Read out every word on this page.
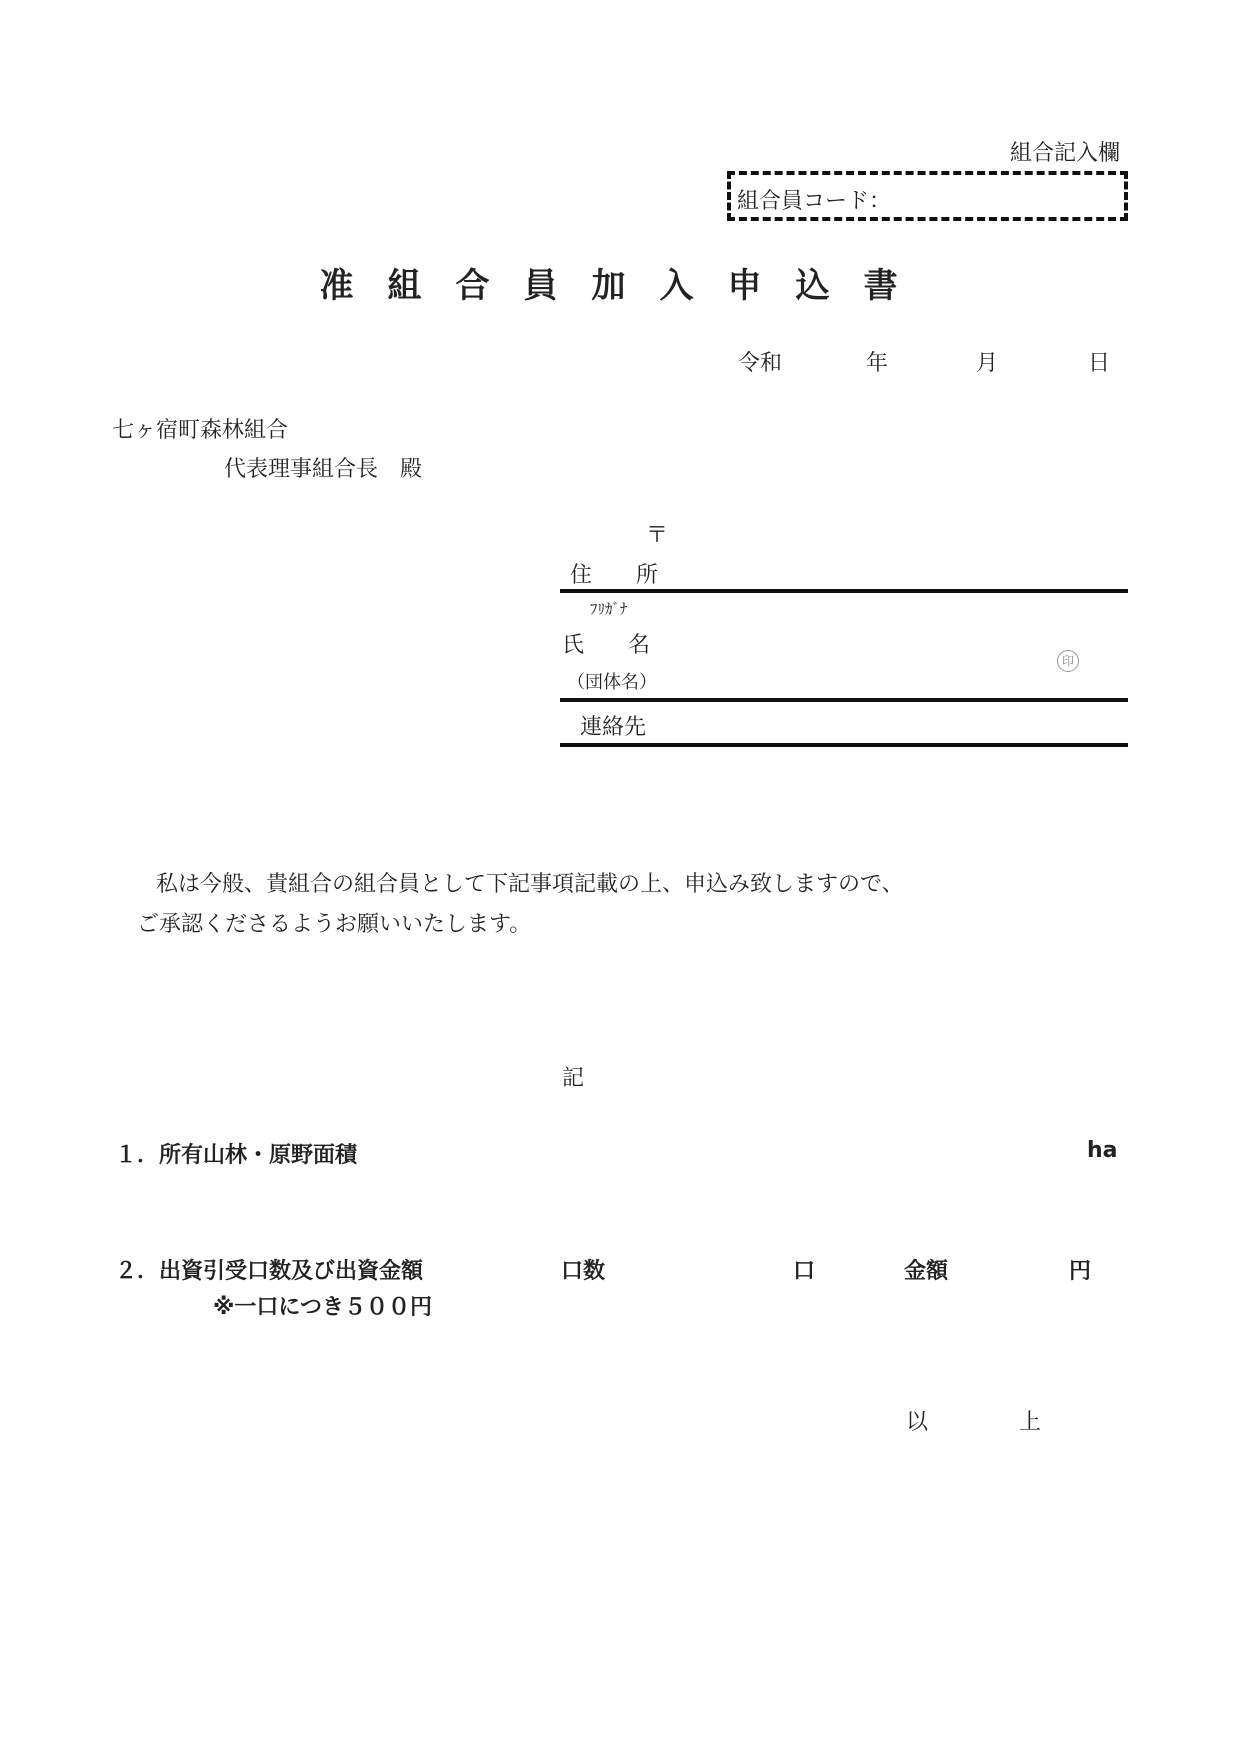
組合記入欄
組合員コード：
准組合員加入申込書
令和	年	月	日
七ヶ宿町森林組合
代表理事組合長　殿
〒
住　　所
ﾌﾘｶﾞﾅ
氏　　名
（団体名）
印
連絡先
私は今般、貴組合の組合員として下記事項記載の上、申込み致しますので、
ご承認くださるようお願いいたします。
記
１．所有山林・原野面積	ha
２．出資引受口数及び出資金額	口数	口	金額	円
※一口につき５００円
以	上
